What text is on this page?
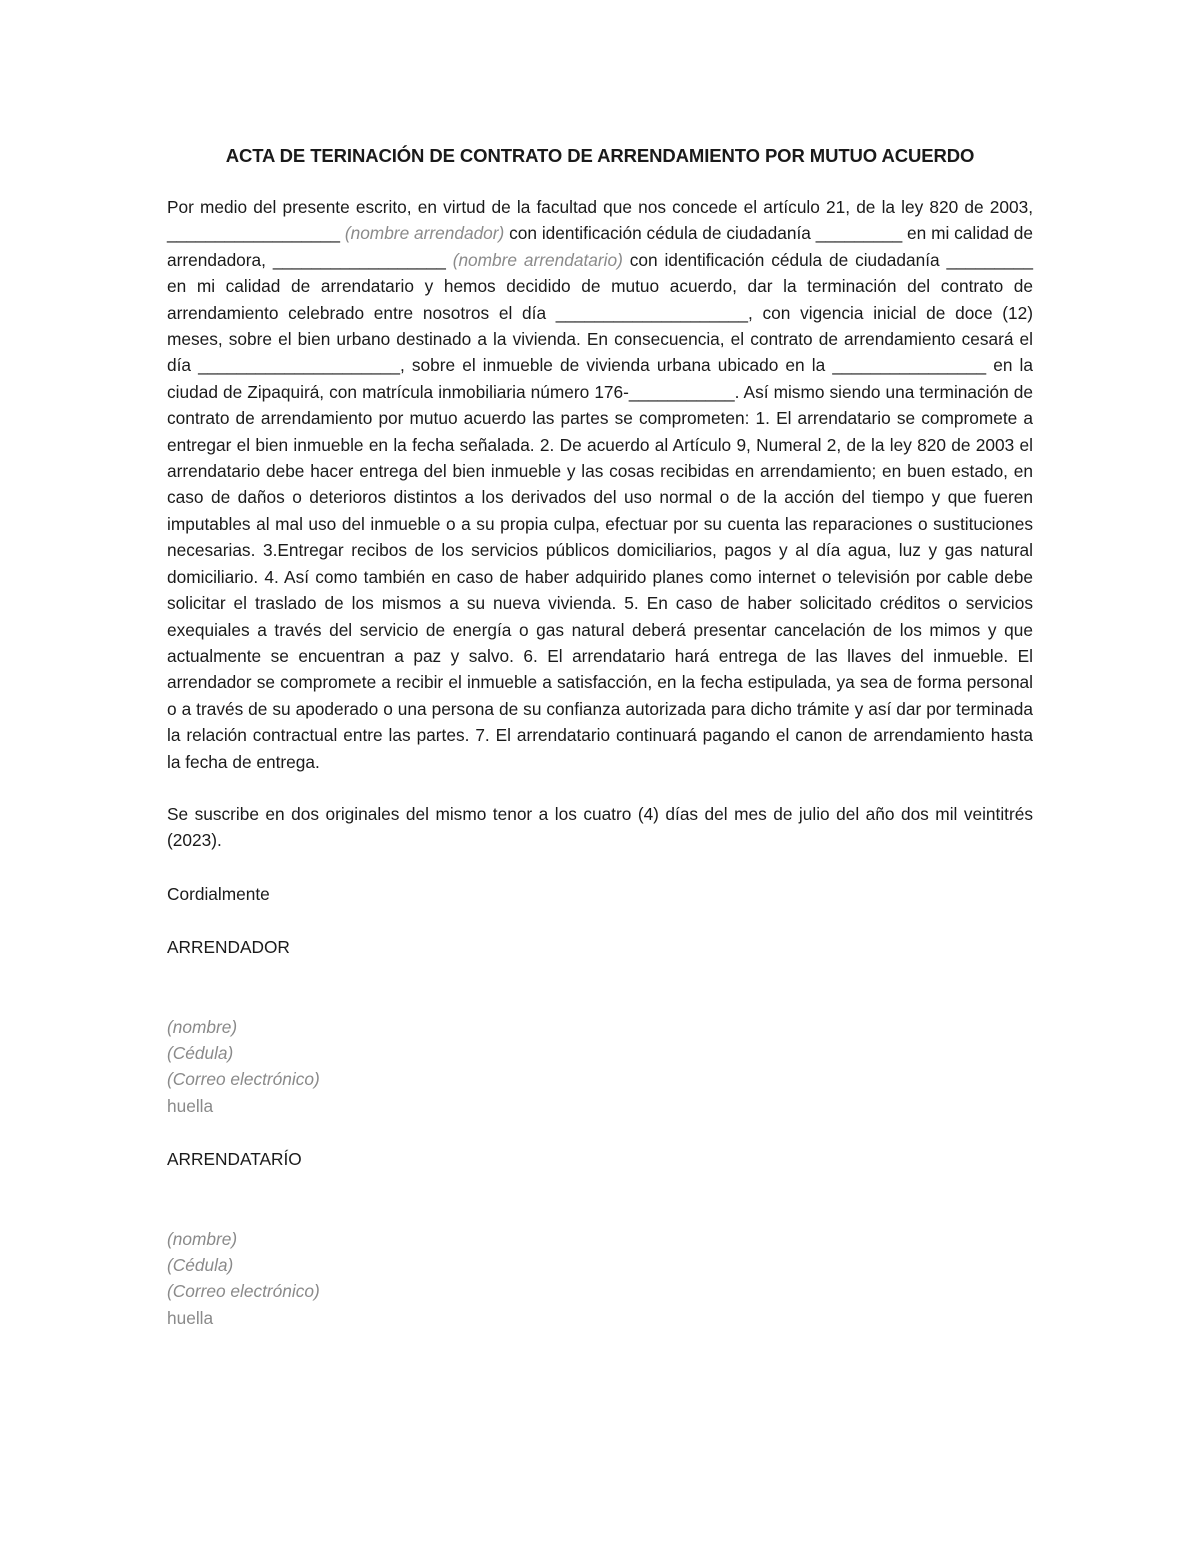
ACTA DE TERINACIÓN DE CONTRATO DE ARRENDAMIENTO POR MUTUO ACUERDO

Por medio del presente escrito, en virtud de la facultad que nos concede el artículo 21, de la ley 820 de 2003, __________________ (nombre arrendador) con identificación cédula de ciudadanía _________ en mi calidad de arrendadora, __________________ (nombre arrendatario) con identificación cédula de ciudadanía _________ en mi calidad de arrendatario y hemos decidido de mutuo acuerdo, dar la terminación del contrato de arrendamiento celebrado entre nosotros el día ____________________, con vigencia inicial de doce (12) meses, sobre el bien urbano destinado a la vivienda. En consecuencia, el contrato de arrendamiento cesará el día _____________________, sobre el inmueble de vivienda urbana ubicado en la ________________ en la ciudad de Zipaquirá, con matrícula inmobiliaria número 176-___________. Así mismo siendo una terminación de contrato de arrendamiento por mutuo acuerdo las partes se comprometen: 1. El arrendatario se compromete a entregar el bien inmueble en la fecha señalada. 2. De acuerdo al Artículo 9, Numeral 2, de la ley 820 de 2003 el arrendatario debe hacer entrega del bien inmueble y las cosas recibidas en arrendamiento; en buen estado, en caso de daños o deterioros distintos a los derivados del uso normal o de la acción del tiempo y que fueren imputables al mal uso del inmueble o a su propia culpa, efectuar por su cuenta las reparaciones o sustituciones necesarias. 3.Entregar recibos de los servicios públicos domiciliarios, pagos y al día agua, luz y gas natural domiciliario. 4. Así como también en caso de haber adquirido planes como internet o televisión por cable debe solicitar el traslado de los mismos a su nueva vivienda. 5. En caso de haber solicitado créditos o servicios exequiales a través del servicio de energía o gas natural deberá presentar cancelación de los mimos y que actualmente se encuentran a paz y salvo. 6. El arrendatario hará entrega de las llaves del inmueble. El arrendador se compromete a recibir el inmueble a satisfacción, en la fecha estipulada, ya sea de forma personal o a través de su apoderado o una persona de su confianza autorizada para dicho trámite y así dar por terminada la relación contractual entre las partes. 7. El arrendatario continuará pagando el canon de arrendamiento hasta la fecha de entrega.

Se suscribe en dos originales del mismo tenor a los cuatro (4) días del mes de julio del año dos mil veintitrés (2023).

Cordialmente

ARRENDADOR

(nombre)
(Cédula)
(Correo electrónico)
huella

ARRENDATARÍO

(nombre)
(Cédula)
(Correo electrónico)
huella
